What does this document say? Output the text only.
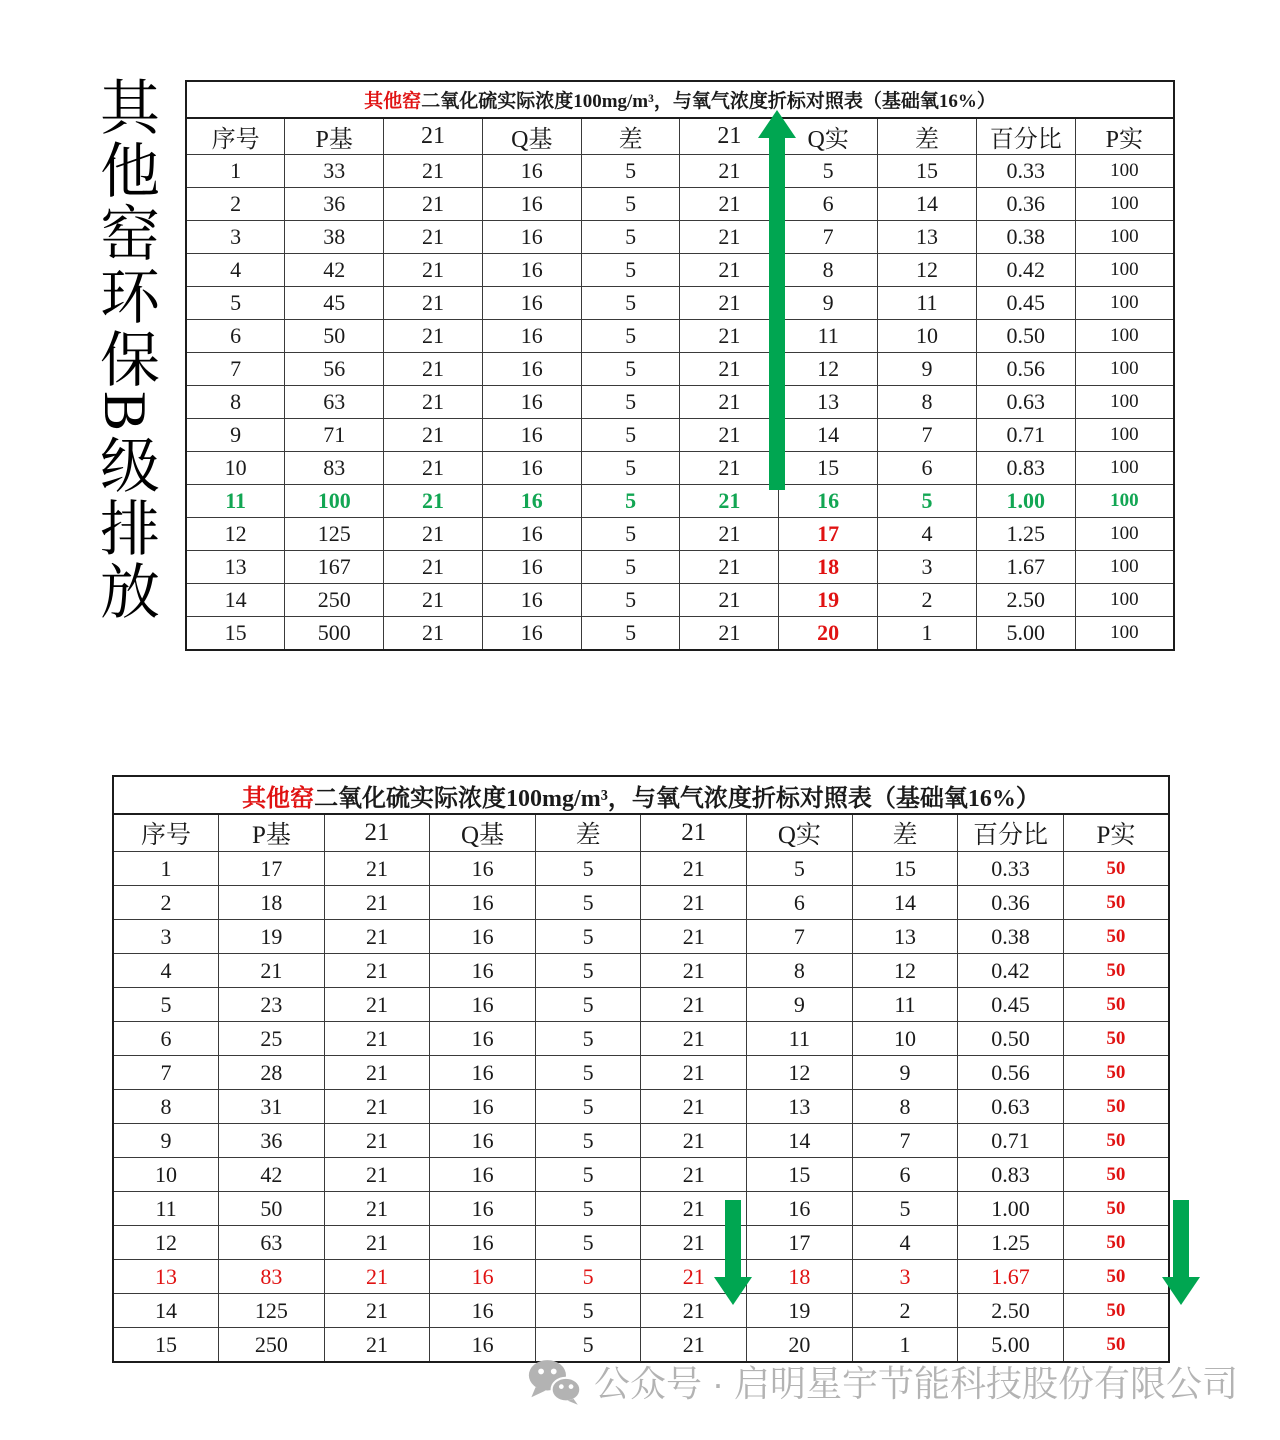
其他窑环保B级排放	其他窑二氧化硫实际浓度100mg/m³，与氧气浓度折标对照表（基础氧16%）									
序号	P基	21	Q基	差	21	Q实	差	百分比	P实
1	33	21	16	5	21	5	15	0.33	100
2	36	21	16	5	21	6	14	0.36	100
3	38	21	16	5	21	7	13	0.38	100
4	42	21	16	5	21	8	12	0.42	100
5	45	21	16	5	21	9	11	0.45	100
6	50	21	16	5	21	11	10	0.50	100
7	56	21	16	5	21	12	9	0.56	100
8	63	21	16	5	21	13	8	0.63	100
9	71	21	16	5	21	14	7	0.71	100
10	83	21	16	5	21	15	6	0.83	100
11	100	21	16	5	21	16	5	1.00	100
12	125	21	16	5	21	17	4	1.25	100
13	167	21	16	5	21	18	3	1.67	100
14	250	21	16	5	21	19	2	2.50	100
15	500	21	16	5	21	20	1	5.00	100
其他窑二氧化硫实际浓度100mg/m³，与氧气浓度折标对照表（基础氧16%）									
序号	P基	21	Q基	差	21	Q实	差	百分比	P实
1	17	21	16	5	21	5	15	0.33	50
2	18	21	16	5	21	6	14	0.36	50
3	19	21	16	5	21	7	13	0.38	50
4	21	21	16	5	21	8	12	0.42	50
5	23	21	16	5	21	9	11	0.45	50
6	25	21	16	5	21	11	10	0.50	50
7	28	21	16	5	21	12	9	0.56	50
8	31	21	16	5	21	13	8	0.63	50
9	36	21	16	5	21	14	7	0.71	50
10	42	21	16	5	21	15	6	0.83	50
11	50	21	16	5	21	16	5	1.00	50
12	63	21	16	5	21	17	4	1.25	50
13	83	21	16	5	21	18	3	1.67	50
14	125	21	16	5	21	19	2	2.50	50
15	250	21	16	5	21	20	1	5.00	50
公众号 · 启明星宇节能科技股份有限公司
